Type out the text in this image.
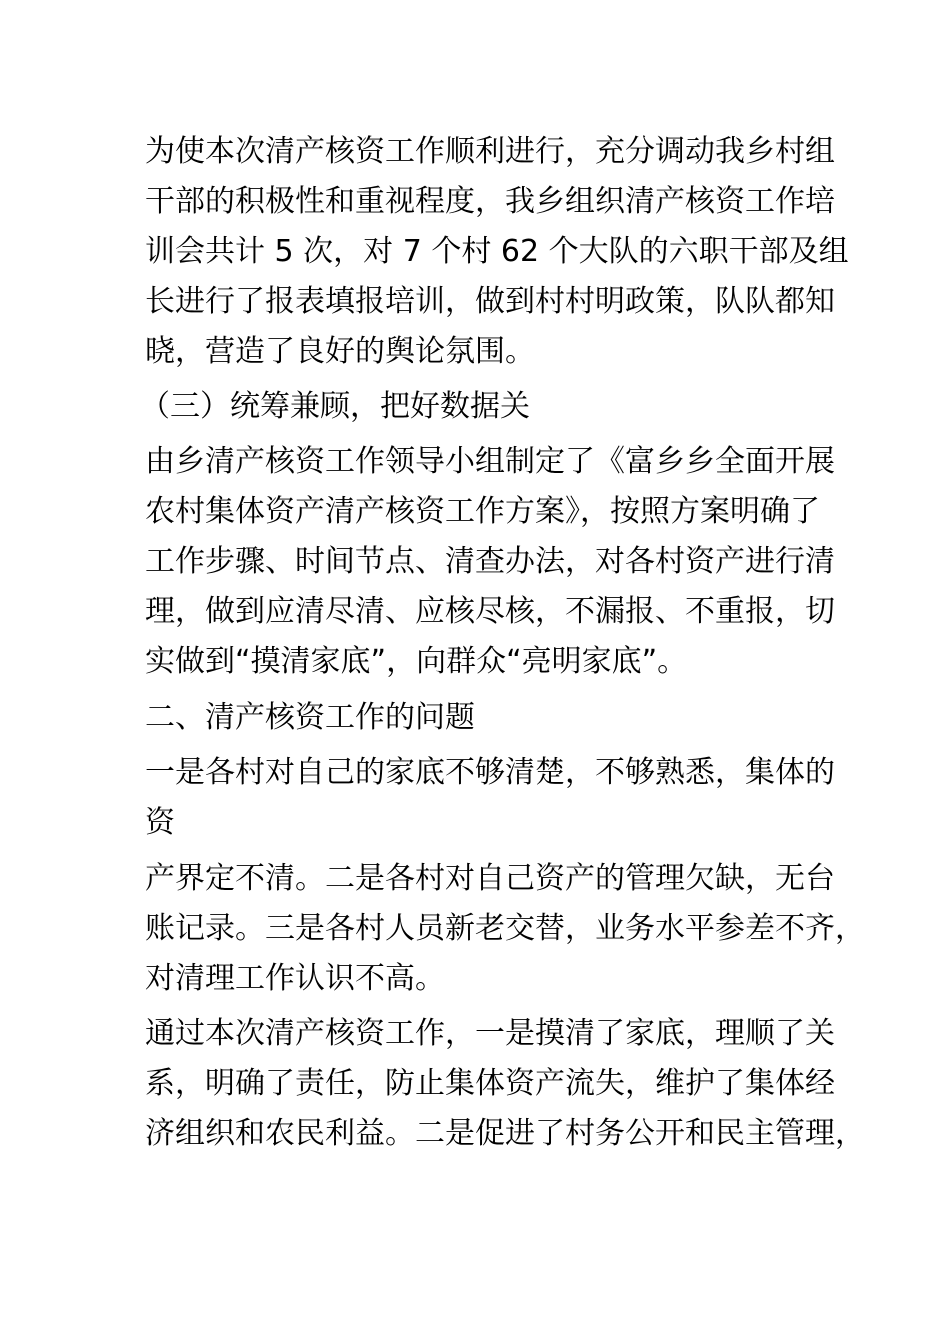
为使本次清产核资工作顺利进行，充分调动我乡村组
干部的积极性和重视程度，我乡组织清产核资工作培
训会共计 5 次，对 7 个村 62 个大队的六职干部及组
长进行了报表填报培训，做到村村明政策，队队都知
晓，营造了良好的舆论氛围。
（三）统筹兼顾，把好数据关
由乡清产核资工作领导小组制定了《富乡乡全面开展
农村集体资产清产核资工作方案》，按照方案明确了
工作步骤、时间节点、清查办法，对各村资产进行清
理，做到应清尽清、应核尽核，不漏报、不重报，切
实做到“摸清家底”，向群众“亮明家底”。
二、清产核资工作的问题
一是各村对自己的家底不够清楚，不够熟悉，集体的
资
产界定不清。二是各村对自己资产的管理欠缺，无台
账记录。三是各村人员新老交替，业务水平参差不齐，
对清理工作认识不高。
通过本次清产核资工作，一是摸清了家底，理顺了关
系，明确了责任，防止集体资产流失，维护了集体经
济组织和农民利益。二是促进了村务公开和民主管理，
